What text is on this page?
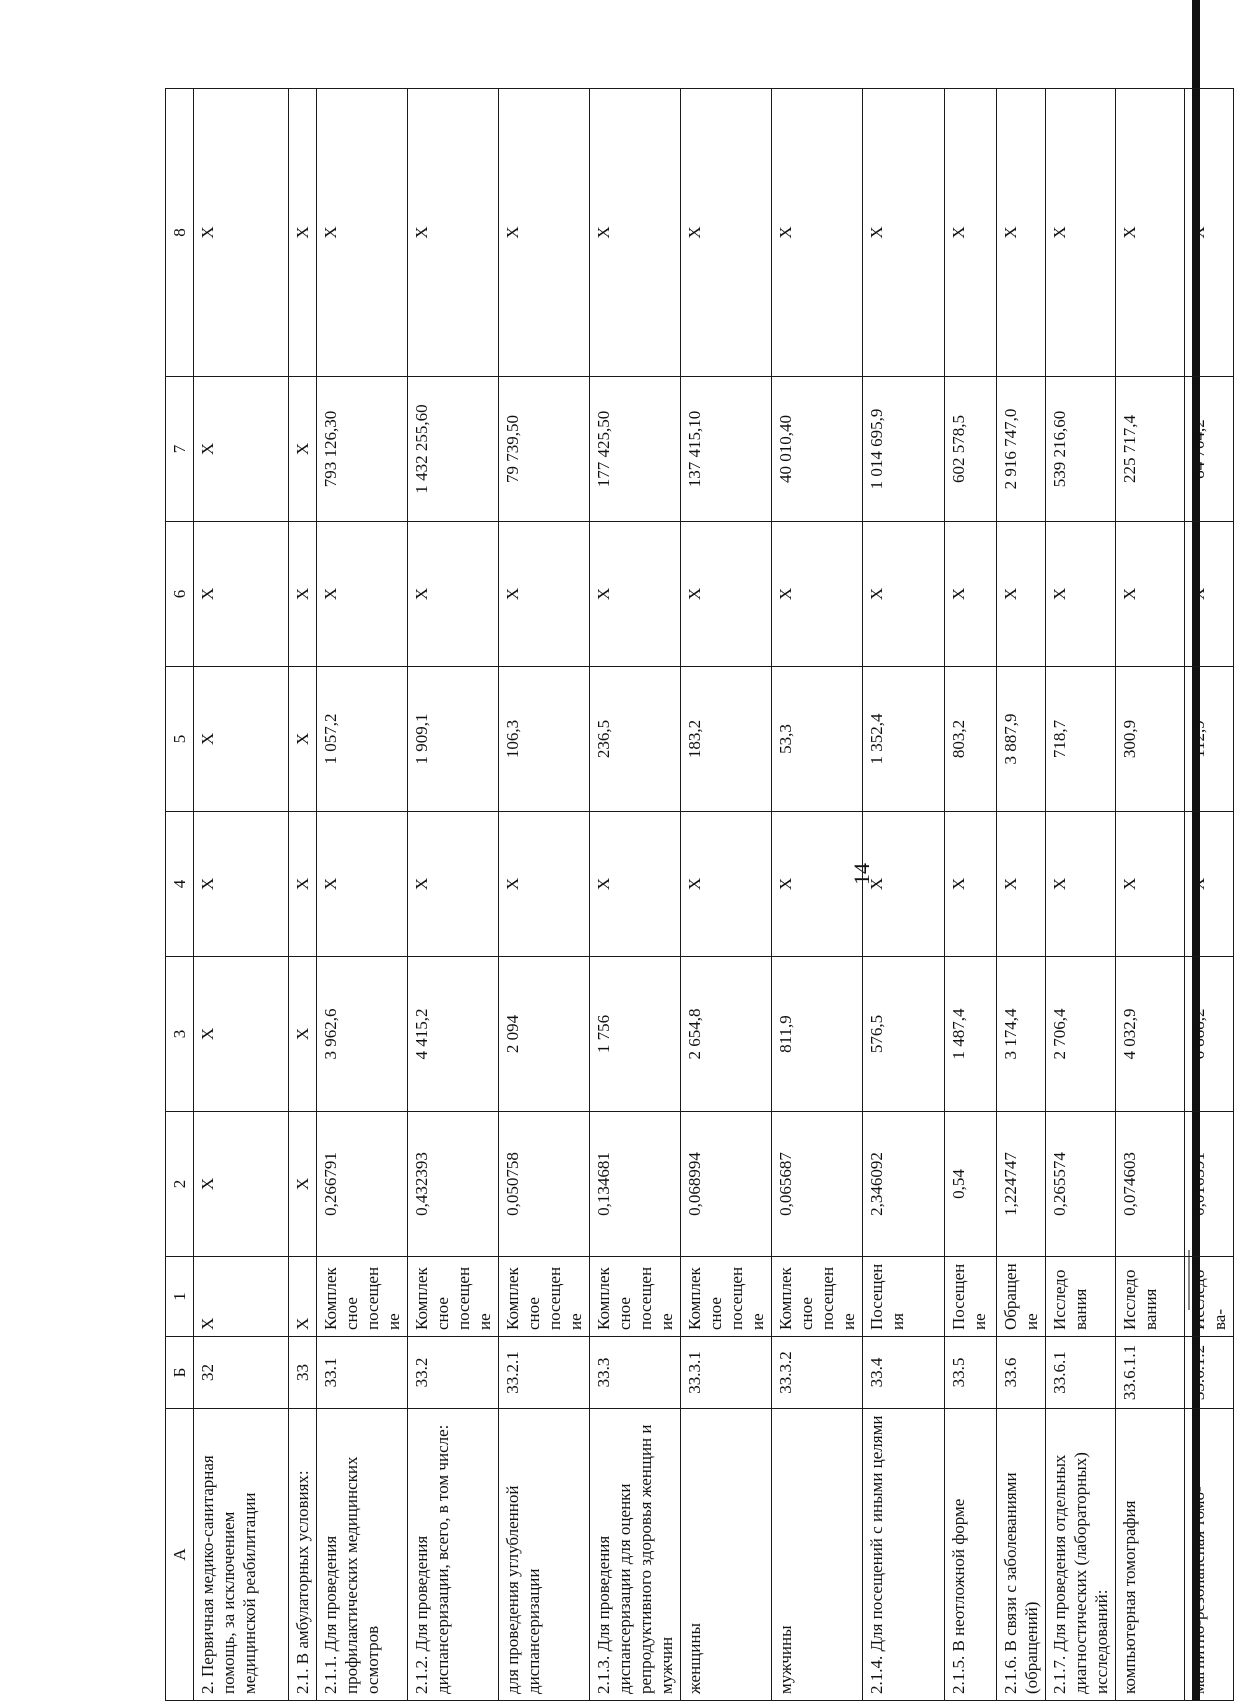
14
А	Б	1	2	3	4	5	6	7	8
2. Первичная медико-санитарная помощь, за исключением медицинской реабилитации	32	X	X	X	X	X	X	X	X
2.1. В амбулаторных условиях:	33	X	X	X	X	X	X	X	X
2.1.1. Для проведения профилактических медицинских осмотров	33.1	Комплексное посещение	0,266791	3 962,6	X	1 057,2	X	793 126,30	X
2.1.2. Для проведения диспансеризации, всего, в том числе:	33.2	Комплексное посещение	0,432393	4 415,2	X	1 909,1	X	1 432 255,60	X
для проведения углубленной диспансеризации	33.2.1	Комплексное посещение	0,050758	2 094	X	106,3	X	79 739,50	X
2.1.3. Для проведения диспансеризации для оценки репродуктивного здоровья женщин и мужчин	33.3	Комплексное посещение	0,134681	1 756	X	236,5	X	177 425,50	X
женщины	33.3.1	Комплексное посещение	0,068994	2 654,8	X	183,2	X	137 415,10	X
мужчины	33.3.2	Комплексное посещение	0,065687	811,9	X	53,3	X	40 010,40	X
2.1.4. Для посещений с иными целями	33.4	Посещения	2,346092	576,5	X	1 352,4	X	1 014 695,9	X
2.1.5. В неотложной форме	33.5	Посещение	0,54	1 487,4	X	803,2	X	602 578,5	X
2.1.6. В связи с заболеваниями (обращений)	33.6	Обращение	1,224747	3 174,4	X	3 887,9	X	2 916 747,0	X
2.1.7. Для проведения отдельных диагностических (лабораторных) исследований:	33.6.1	Исследования	0,265574	2 706,4	X	718,7	X	539 216,60	X
компьютерная томография	33.6.1.1	Исследования	0,074603	4 032,9	X	300,9	X	225 717,4	X
магнитно-резонансная томо-	33.6.1.2	Исследова-	0,016391	6 888,2	X	112,9	X	84 704,2	X
